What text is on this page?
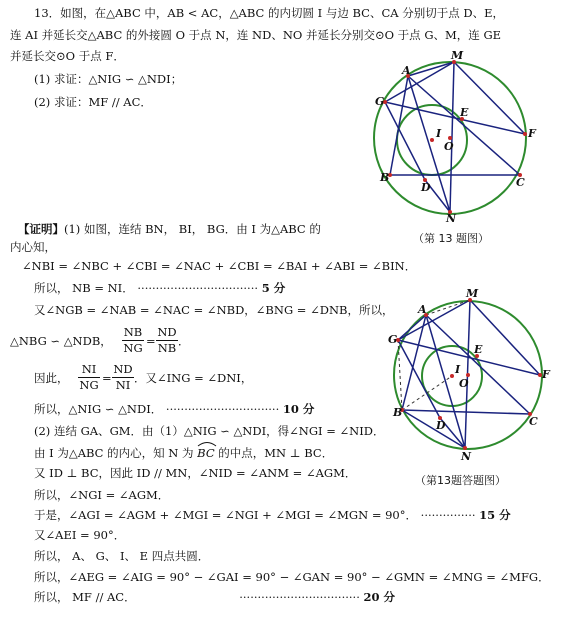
13．如图，在△ABC 中，AB < AC，△ABC 的内切圆 I 与边 BC、CA 分别切于点 D、E，
连 AI 并延长交△ABC 的外接圆 O 于点 N，连 ND、NO 并延长分别交⊙O 于点 G、M，连 GE
并延长交⊙O 于点 F．
(1) 求证：△NIG ∽ △NDI；
(2) 求证：MF // AC．
A
M
G
E
I
O
F
B
D	C
N
（第 13 题图）
【证明】(1) 如图，连结 BN， BI， BG．由 I 为△ABC 的
内心知，
∠NBI = ∠NBC + ∠CBI = ∠NAC + ∠CBI = ∠BAI + ∠ABI = ∠BIN．
所以， NB = NI． ································· 5 分
又∠NGB = ∠NAB = ∠NAC = ∠NBD，∠BNG = ∠DNB，所以，
△NBG ∽ △NDB， $\frac{NB}{NG} = \frac{ND}{NB}$ ．
因此， $\frac{NI}{NG} = \frac{ND}{NI}$ ．又∠ING = ∠DNI，
所以，△NIG ∽ △NDI． ······························· 10 分
(2) 连结 GA、GM．由（1）△NIG ∽ △NDI，得∠NGI = ∠NID．
由 I 为△ABC 的内心，知 N 为 BC 的中点，MN ⊥ BC．
又 ID ⊥ BC，因此 ID // MN，∠NID = ∠ANM = ∠AGM．
所以，∠NGI = ∠AGM．
于是，∠AGI = ∠AGM + ∠MGI = ∠NGI + ∠MGI = ∠MGN = 90°． ··············· 15 分
又∠AEI = 90°．
所以， A、 G、 I、 E 四点共圆．
所以，∠AEG = ∠AIG = 90° − ∠GAI = 90° − ∠GAN = 90° − ∠GMN = ∠MNG = ∠MFG．
所以， MF // AC．	································· 20 分
A
M
G
E
I
O
F
B
D	C
N
（第13题答题图）
